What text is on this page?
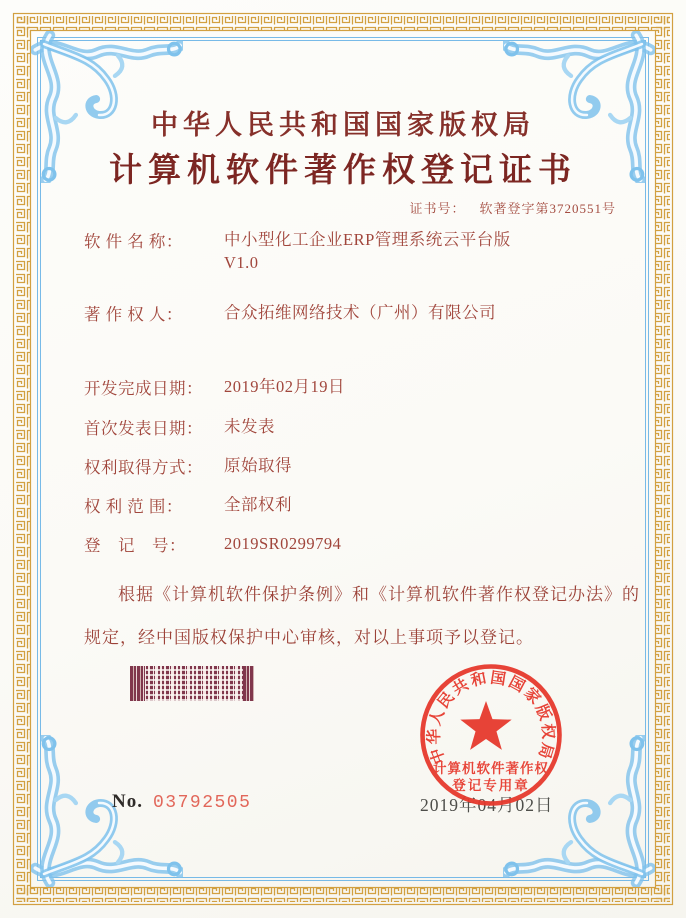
中华人民共和国国家版权局
计算机软件著作权登记证书
证书号： 软著登字第3720551号
软 件 名 称： 中小型化工企业ERP管理系统云平台版
V1.0
著 作 权 人： 合众拓维网络技术（广州）有限公司
开发完成日期： 2019年02月19日
首次发表日期： 未发表
权利取得方式： 原始取得
权 利 范 围： 全部权利
登　记　号： 2019SR0299794
根据《计算机软件保护条例》和《计算机软件著作权登记办法》的
规定，经中国版权保护中心审核，对以上事项予以登记。
2019年04月02日
中华人民共和国国家版权局
计算机软件著作权
登记专用章
No. 03792505
